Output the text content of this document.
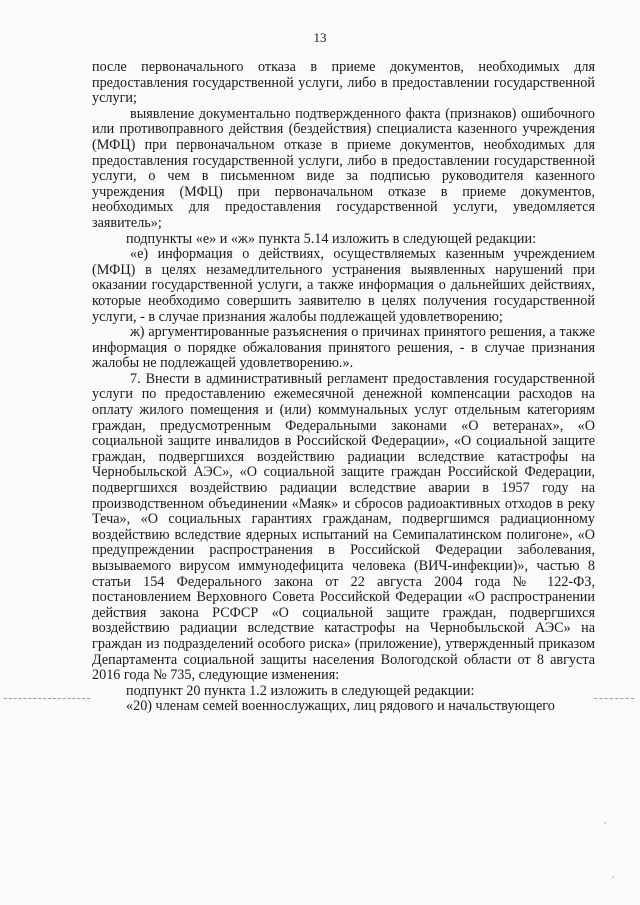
13

после первоначального отказа в приеме документов, необходимых для предоставления государственной услуги, либо в предоставлении государственной услуги;

выявление документально подтвержденного факта (признаков) ошибочного или противоправного действия (бездействия) специалиста казенного учреждения (МФЦ) при первоначальном отказе в приеме документов, необходимых для предоставления государственной услуги, либо в предоставлении государственной услуги, о чем в письменном виде за подписью руководителя казенного учреждения (МФЦ) при первоначальном отказе в приеме документов, необходимых для предоставления государственной услуги, уведомляется заявитель»;

подпункты «е» и «ж» пункта 5.14 изложить в следующей редакции:

«е) информация о действиях, осуществляемых казенным учреждением (МФЦ) в целях незамедлительного устранения выявленных нарушений при оказании государственной услуги, а также информация о дальнейших действиях, которые необходимо совершить заявителю в целях получения государственной услуги, - в случае признания жалобы подлежащей удовлетворению;

ж) аргументированные разъяснения о причинах принятого решения, а также информация о порядке обжалования принятого решения, - в случае признания жалобы не подлежащей удовлетворению.».

7. Внести в административный регламент предоставления государственной услуги по предоставлению ежемесячной денежной компенсации расходов на оплату жилого помещения и (или) коммунальных услуг отдельным категориям граждан, предусмотренным Федеральными законами «О ветеранах», «О социальной защите инвалидов в Российской Федерации», «О социальной защите граждан, подвергшихся воздействию радиации вследствие катастрофы на Чернобыльской АЭС», «О социальной защите граждан Российской Федерации, подвергшихся воздействию радиации вследствие аварии в 1957 году на производственном объединении «Маяк» и сбросов радиоактивных отходов в реку Теча», «О социальных гарантиях гражданам, подвергшимся радиационному воздействию вследствие ядерных испытаний на Семипалатинском полигоне», «О предупреждении распространения в Российской Федерации заболевания, вызываемого вирусом иммунодефицита человека (ВИЧ-инфекции)», частью 8 статьи 154 Федерального закона от 22 августа 2004 года № 122-ФЗ, постановлением Верховного Совета Российской Федерации «О распространении действия закона РСФСР «О социальной защите граждан, подвергшихся воздействию радиации вследствие катастрофы на Чернобыльской АЭС» на граждан из подразделений особого риска» (приложение), утвержденный приказом Департамента социальной защиты населения Вологодской области от 8 августа 2016 года № 735, следующие изменения:

подпункт 20 пункта 1.2 изложить в следующей редакции:

«20) членам семей военнослужащих, лиц рядового и начальствующего
